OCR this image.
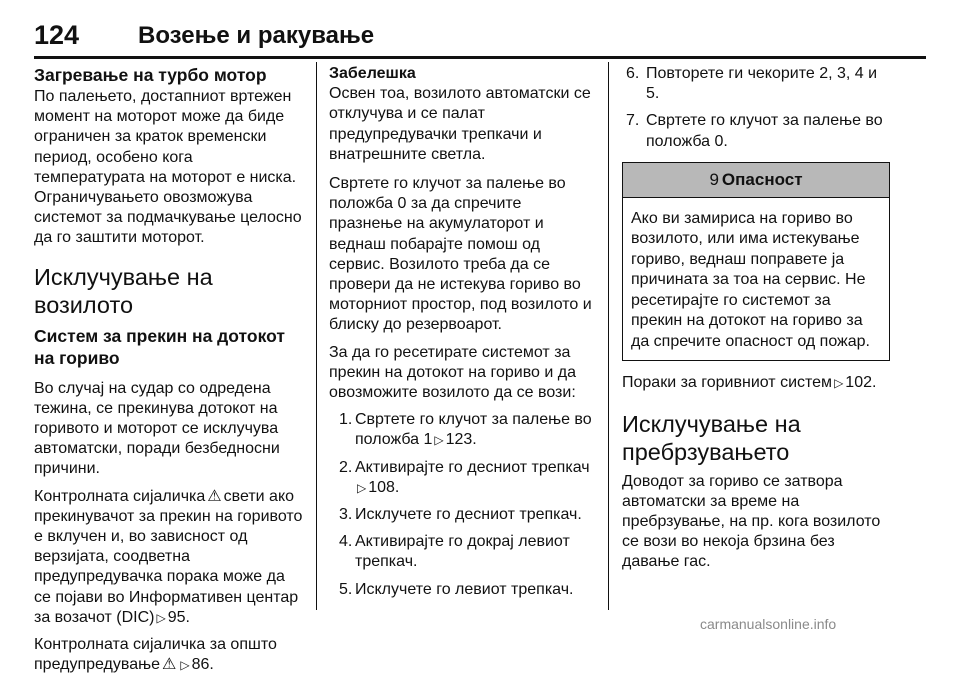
124 Возење и ракување
Загревање на турбо мотор

По палењето, достапниот вртежен момент на моторот може да биде ограничен за краток временски период, особено кога температурата на моторот е ниска. Ограничувањето овозможува системот за подмачкување целосно да го заштити моторот.

Исклучување на возилото
Систем за прекин на дотокот на гориво

Во случај на судар со одредена тежина, се прекинува дотокот на горивото и моторот се исклучува автоматски, поради безбедносни причини.

Контролната сијаличка ⚠ свети ако прекинувачот за прекин на горивото е вклучен и, во зависност од верзијата, соодветна предупредувачка порака може да се појави во Информативен центар за возачот (DIC) ▷ 95.

Контролната сијаличка за општо предупредување ⚠ ▷ 86.

Забелешка
Освен тоа, возилото автоматски се отклучува и се палат предупредувачки трепкачи и внатрешните светла.

Свртете го клучот за палење во положба 0 за да спречите празнење на акумулаторот и веднаш побарајте помош од сервис. Возилото треба да се провери да не истекува гориво во моторниот простор, под возилото и блиску до резервоарот.

За да го ресетирате системот за прекин на дотокот на гориво и да овозможите возилото да се вози:

1. Свртете го клучот за палење во положба 1 ▷ 123.
2. Активирајте го десниот трепкач
▷ 108.
3. Исклучете го десниот трепкач.
4. Активирајте го докрај левиот трепкач.
5. Исклучете го левиот трепкач.
6. Повторете ги чекорите 2, 3, 4 и 5.
7. Свртете го клучот за палење во положба 0.
9 Опасност
Ако ви замириса на гориво во возилото, или има истекување гориво, веднаш поправете ја причината за тоа на сервис. Не ресетирајте го системот за прекин на дотокот на гориво за да спречите опасност од пожар.

Пораки за горивниот систем ▷ 102.

Исклучување на пребрзувањето

Доводот за гориво се затвора автоматски за време на пребрзување, на пр. кога возилото се вози во некоја брзина без давање гас.

carmanualsonline.info
